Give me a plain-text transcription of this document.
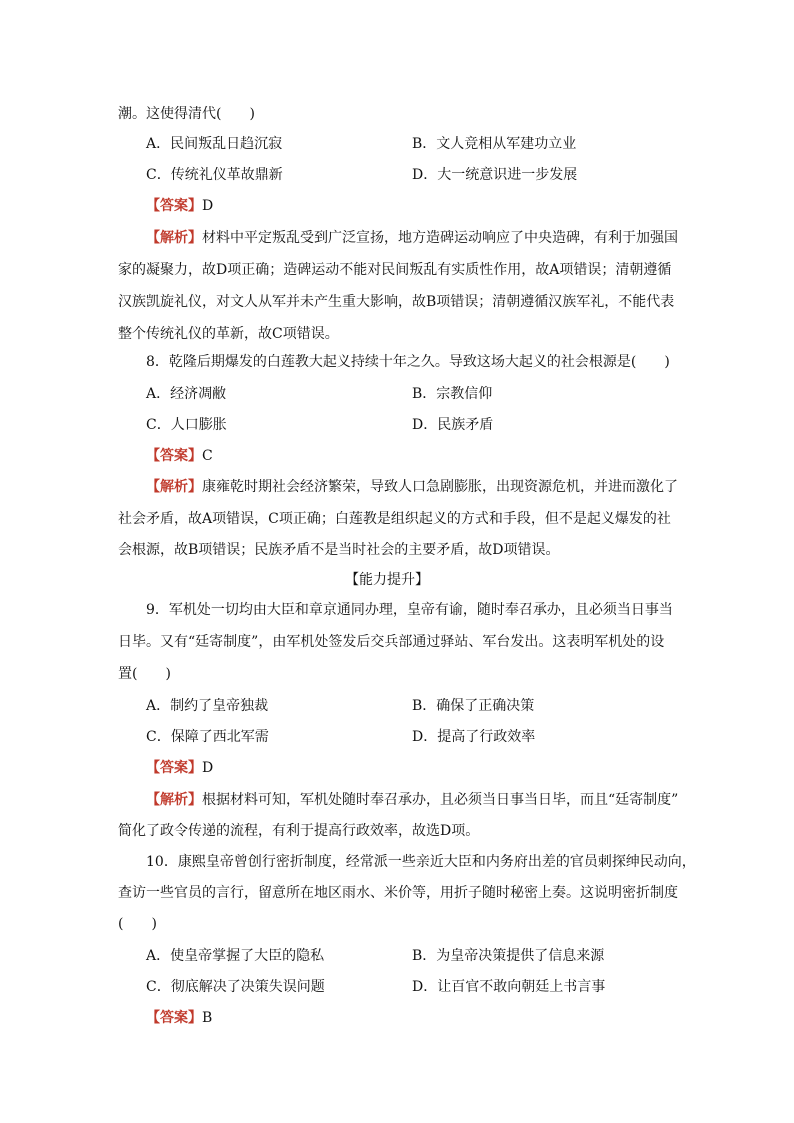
潮。这使得清代(　　)
A．民间叛乱日趋沉寂	B．文人竞相从军建功立业
C．传统礼仪革故鼎新	D．大一统意识进一步发展
【答案】D
【解析】材料中平定叛乱受到广泛宣扬，地方造碑运动响应了中央造碑，有利于加强国
家的凝聚力，故D项正确；造碑运动不能对民间叛乱有实质性作用，故A项错误；清朝遵循
汉族凯旋礼仪，对文人从军并未产生重大影响，故B项错误；清朝遵循汉族军礼，不能代表
整个传统礼仪的革新，故C项错误。
8．乾隆后期爆发的白莲教大起义持续十年之久。导致这场大起义的社会根源是(　　)
A．经济凋敝	B．宗教信仰
C．人口膨胀	D．民族矛盾
【答案】C
【解析】康雍乾时期社会经济繁荣，导致人口急剧膨胀，出现资源危机，并进而激化了
社会矛盾，故A项错误，C项正确；白莲教是组织起义的方式和手段，但不是起义爆发的社
会根源，故B项错误；民族矛盾不是当时社会的主要矛盾，故D项错误。
【能力提升】
9．军机处一切均由大臣和章京通同办理，皇帝有谕，随时奉召承办，且必须当日事当
日毕。又有“廷寄制度”，由军机处签发后交兵部通过驿站、军台发出。这表明军机处的设
置(　　)
A．制约了皇帝独裁	B．确保了正确决策
C．保障了西北军需	D．提高了行政效率
【答案】D
【解析】根据材料可知，军机处随时奉召承办，且必须当日事当日毕，而且“廷寄制度”
简化了政令传递的流程，有利于提高行政效率，故选D项。
10．康熙皇帝曾创行密折制度，经常派一些亲近大臣和内务府出差的官员刺探绅民动向，
查访一些官员的言行，留意所在地区雨水、米价等，用折子随时秘密上奏。这说明密折制度
(　　)
A．使皇帝掌握了大臣的隐私	B．为皇帝决策提供了信息来源
C．彻底解决了决策失误问题	D．让百官不敢向朝廷上书言事
【答案】B
